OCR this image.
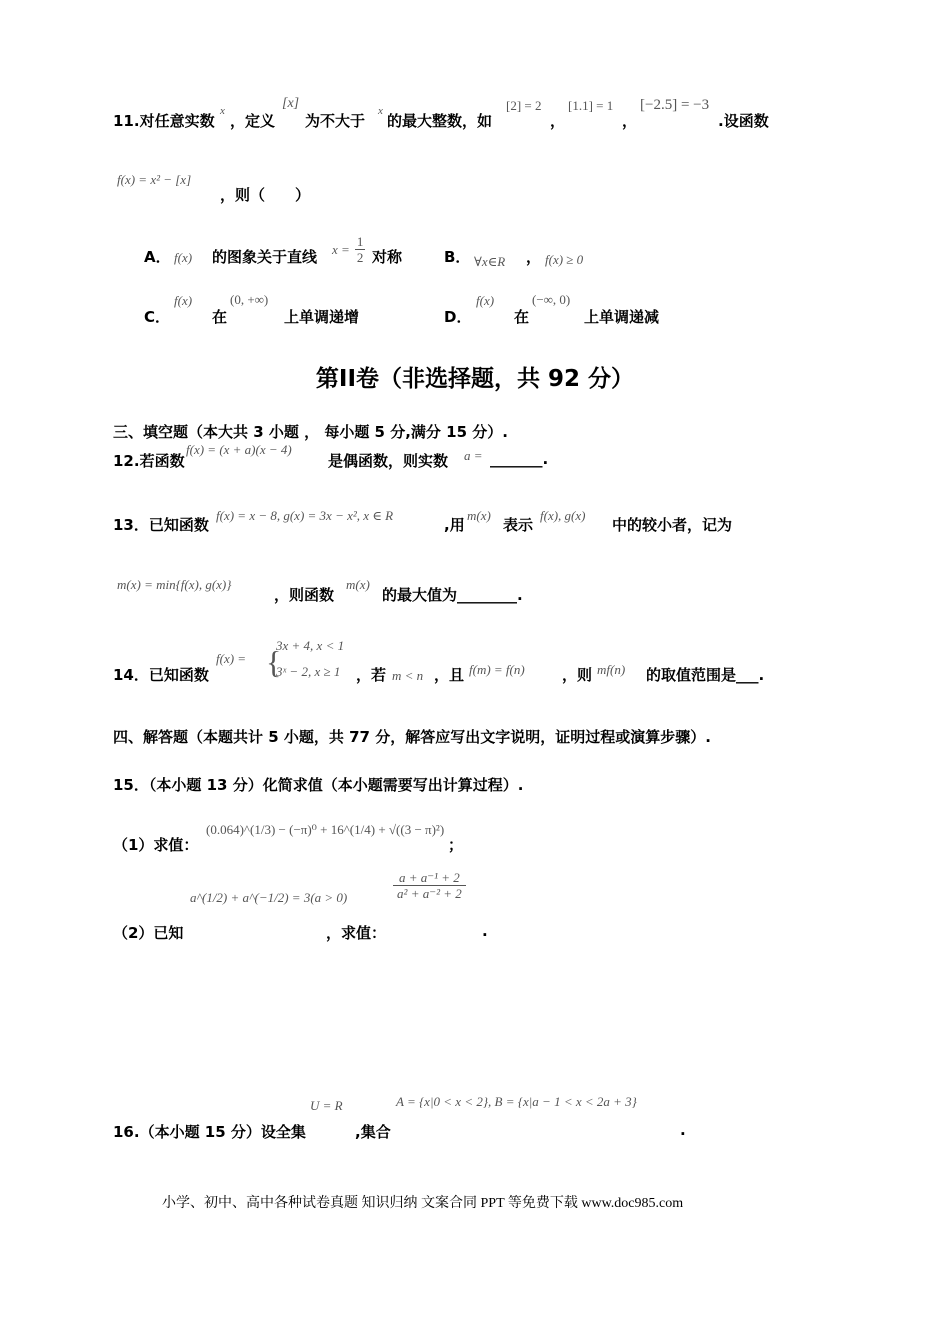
11.对任意实数
x
，定义
[x]
为不大于
x
的最大整数，如
[2] = 2
，
[1.1] = 1
，
[−2.5] = −3
.设函数
f(x) = x² − [x]
，则（　　）
A． f(x) 的图象关于直线 $x = \frac{1}{2}$ 对称	B． ∀x∈R ， f(x) ≥ 0
C．
f(x)
在
(0, +∞)
上单调递增	D．
f(x)
在
(−∞, 0)
上单调递减
第II卷（非选择题，共 92 分）
三、填空题（本大共 3 小题 ， 每小题 5 分,满分 15 分）.
12.若函数
f(x) = (x + a)(x − 4)
是偶函数，则实数 a = _______.
13．已知函数
f(x) = x − 8, g(x) = 3x − x², x ∈ R
,用
m(x)
表示
f(x), g(x)
中的较小者，记为
m(x) = min{f(x), g(x)}
，则函数
m(x)
的最大值为________.
14．已知函数
f(x) = {
3x + 4, x < 1
3ˣ − 2, x ≥ 1 ，若 m < n ，且 f(m) = f(n) ，则 mf(n) 的取值范围是___.
四、解答题（本题共计 5 小题，共 77 分，解答应写出文字说明，证明过程或演算步骤）.
15．（本小题 13 分）化简求值（本小题需要写出计算过程）.
（1）求值：
(0.064)^(1/3) − (−π)⁰ + 16^(1/4) + √((3 − π)²)
；
a^(1/2) + a^(−1/2) = 3(a > 0)	$\frac{\text{a + a⁻¹ + 2}}{\text{a² + a⁻² + 2}}$
（2）已知	，求值：	.
U = R	A = {x|0 < x < 2}, B = {x|a − 1 < x < 2a + 3}
16.（本小题 15 分）设全集	,集合	.
小学、初中、高中各种试卷真题 知识归纳 文案合同 PPT 等免费下载 www.doc985.com
